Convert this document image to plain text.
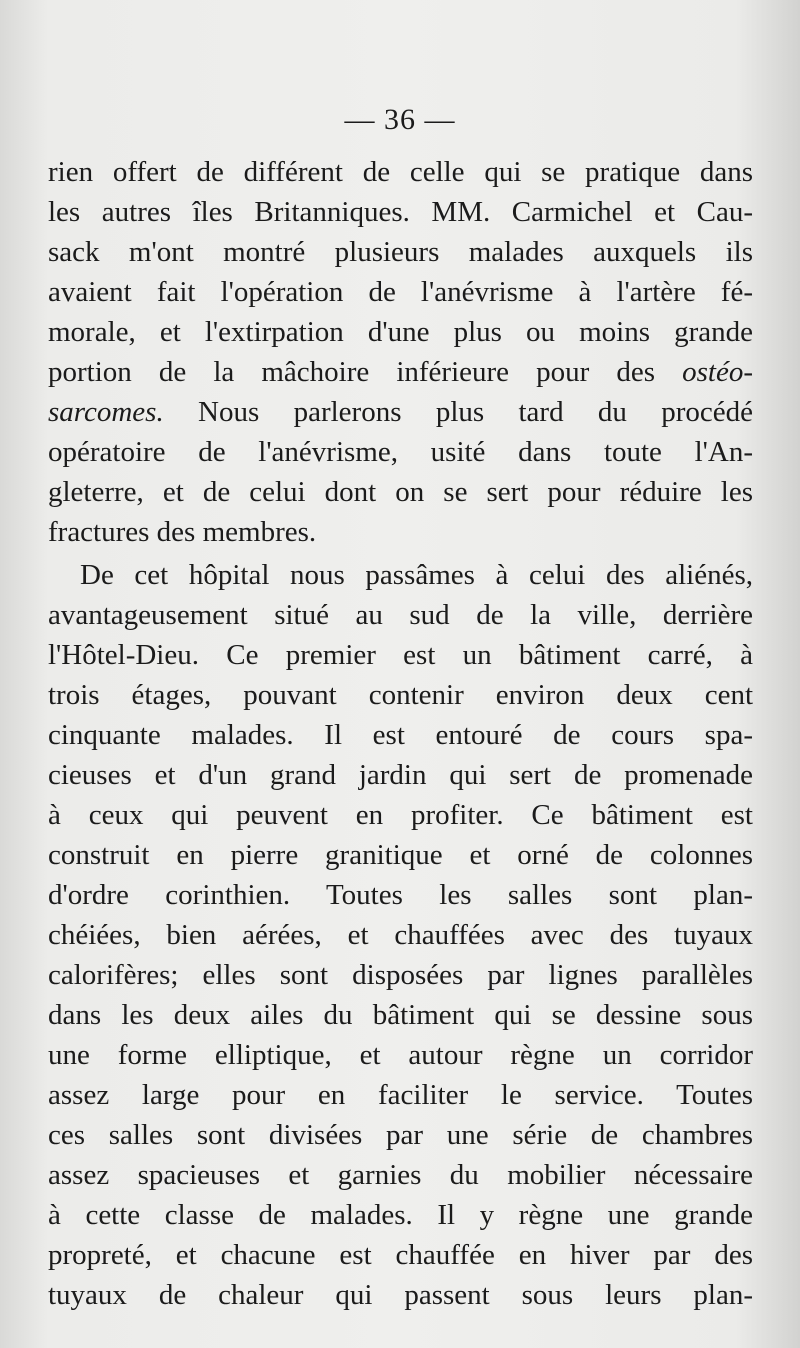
— 36 —
rien offert de différent de celle qui se pratique dans
les autres îles Britanniques. MM. Carmichel et Cau-
sack m'ont montré plusieurs malades auxquels ils
avaient fait l'opération de l'anévrisme à l'artère fé-
morale, et l'extirpation d'une plus ou moins grande
portion de la mâchoire inférieure pour des ostéo-
sarcomes. Nous parlerons plus tard du procédé
opératoire de l'anévrisme, usité dans toute l'An-
gleterre, et de celui dont on se sert pour réduire les
fractures des membres.
De cet hôpital nous passâmes à celui des aliénés,
avantageusement situé au sud de la ville, derrière
l'Hôtel-Dieu. Ce premier est un bâtiment carré, à
trois étages, pouvant contenir environ deux cent
cinquante malades. Il est entouré de cours spa-
cieuses et d'un grand jardin qui sert de promenade
à ceux qui peuvent en profiter. Ce bâtiment est
construit en pierre granitique et orné de colonnes
d'ordre corinthien. Toutes les salles sont plan-
chéiées, bien aérées, et chauffées avec des tuyaux
calorifères; elles sont disposées par lignes parallèles
dans les deux ailes du bâtiment qui se dessine sous
une forme elliptique, et autour règne un corridor
assez large pour en faciliter le service. Toutes
ces salles sont divisées par une série de chambres
assez spacieuses et garnies du mobilier nécessaire
à cette classe de malades. Il y règne une grande
propreté, et chacune est chauffée en hiver par des
tuyaux de chaleur qui passent sous leurs plan-
